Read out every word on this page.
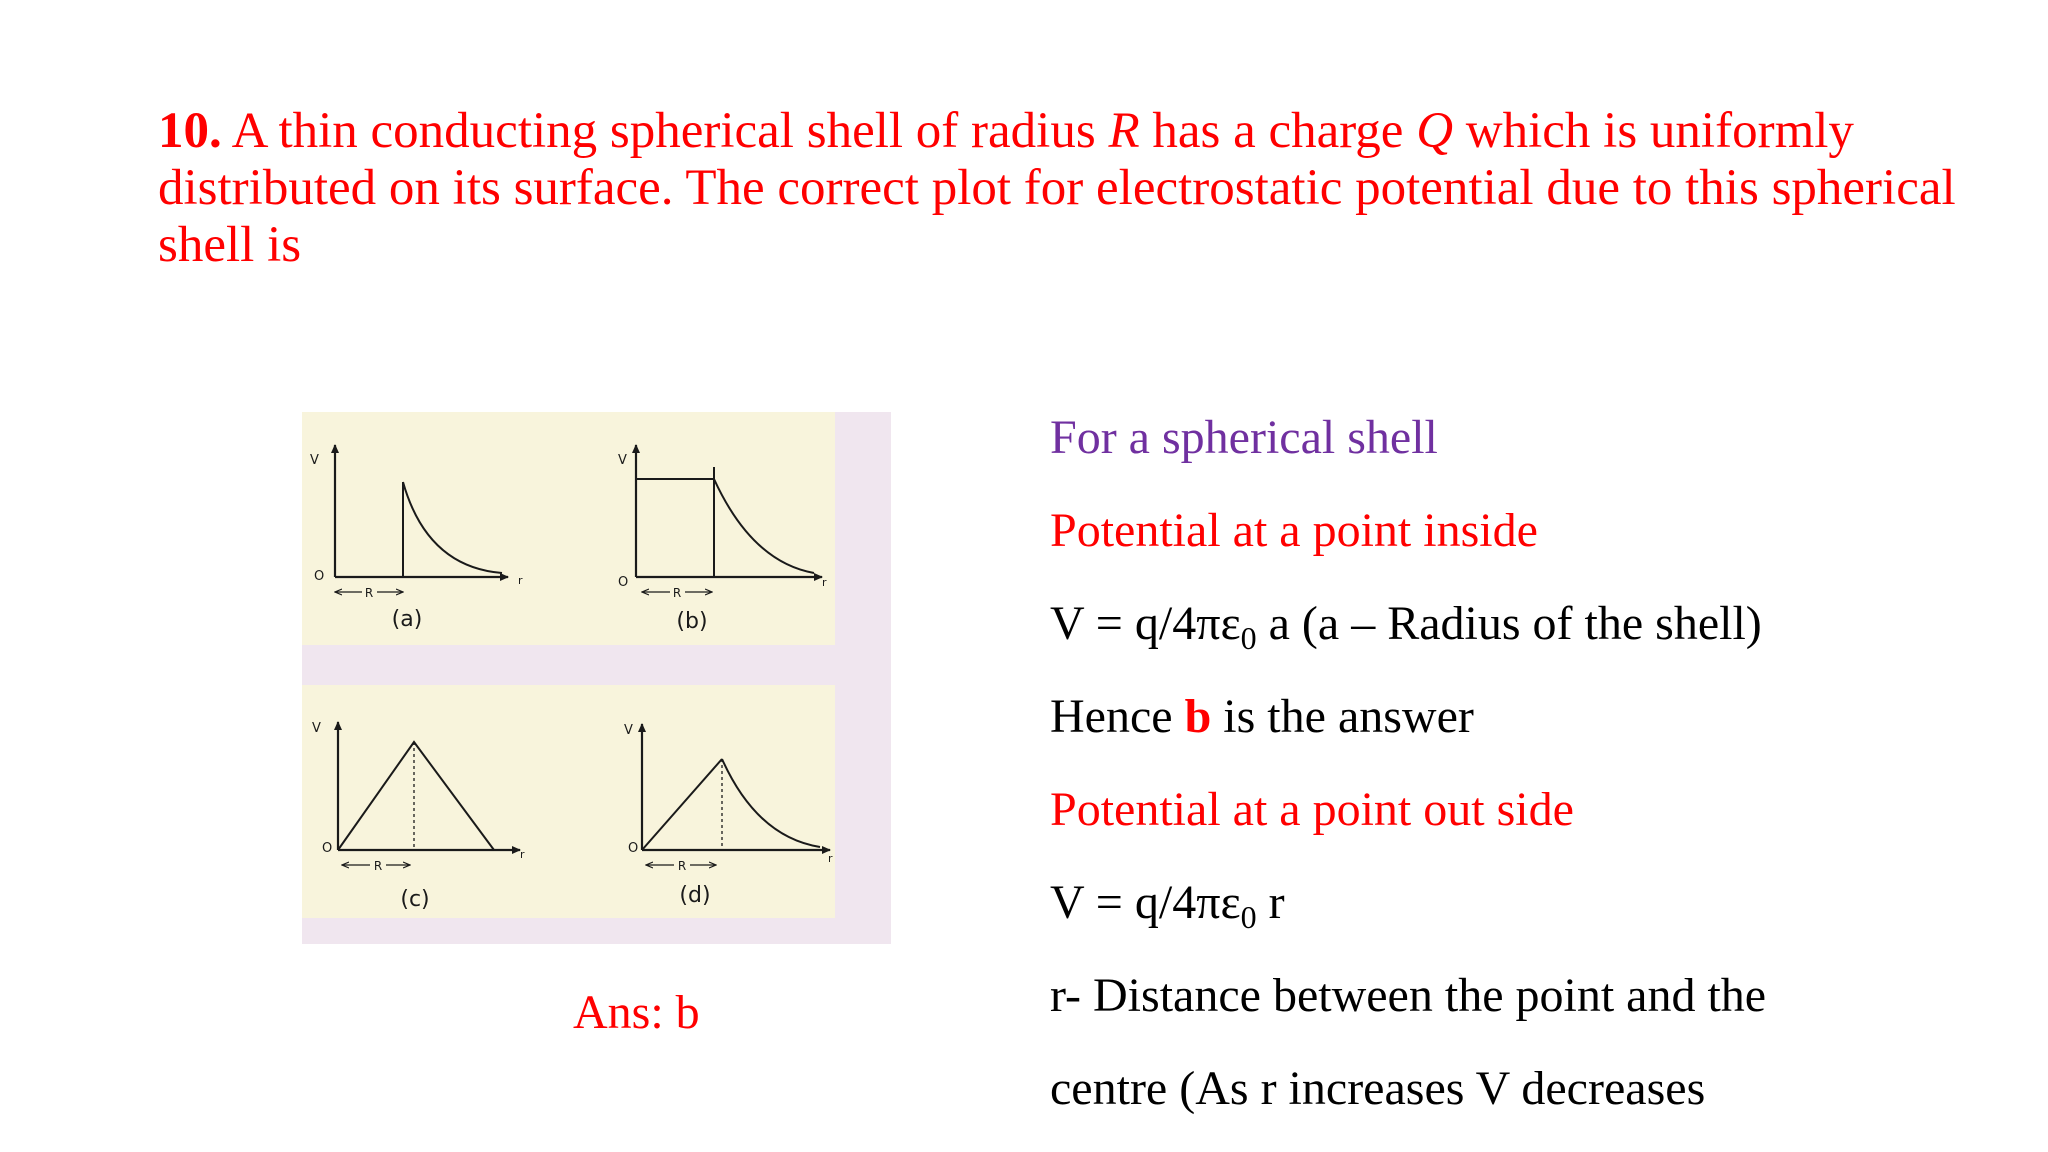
10. A thin conducting spherical shell of radius R has a charge Q which is uniformly distributed on its surface. The correct plot for electrostatic potential due to this spherical shell is
V
O	r
R
(a)
V
O	r
R
(b)
V
O	r
R
(c)
V
O
r
R
(d)
Ans: b
For a spherical shell
Potential at a point inside
$V = q/4\pi\varepsilon_0$ a (a – Radius of the shell)
Hence b is the answer
Potential at a point out side
$V = q/4\pi\varepsilon_0$ r
r- Distance between the point and the
centre (As r increases V decreases
